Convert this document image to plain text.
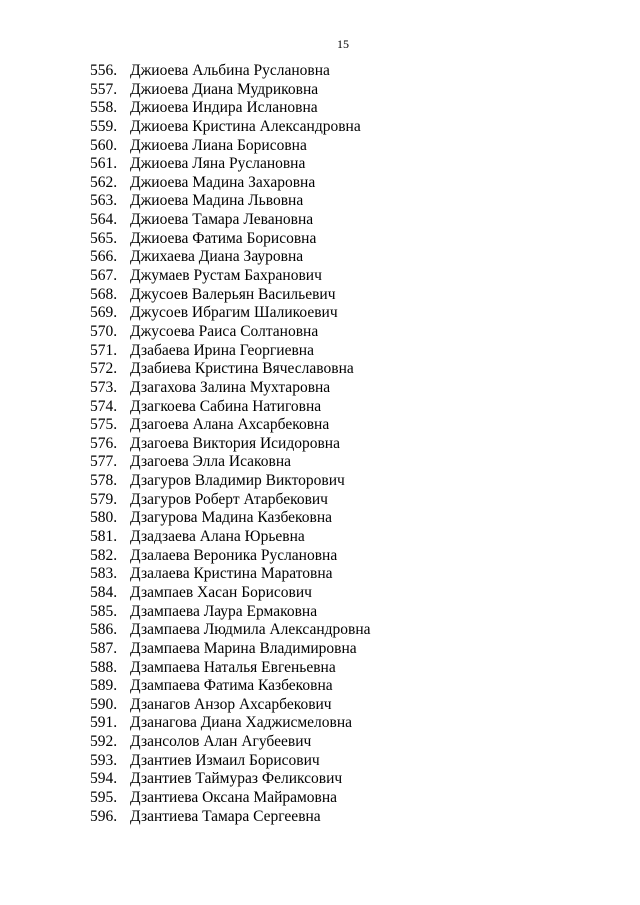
15
556. Джиоева Альбина Руслановна
557. Джиоева Диана Мудриковна
558. Джиоева Индира Ислановна
559. Джиоева Кристина Александровна
560. Джиоева Лиана Борисовна
561. Джиоева Ляна Руслановна
562. Джиоева Мадина Захаровна
563. Джиоева Мадина Львовна
564. Джиоева Тамара Левановна
565. Джиоева Фатима Борисовна
566. Джихаева Диана Зауровна
567. Джумаев Рустам Бахранович
568. Джусоев Валерьян Васильевич
569. Джусоев Ибрагим Шаликоевич
570. Джусоева Раиса Солтановна
571. Дзабаева Ирина Георгиевна
572. Дзабиева Кристина Вячеславовна
573. Дзагахова Залина Мухтаровна
574. Дзагкоева Сабина Натиговна
575. Дзагоева Алана Ахсарбековна
576. Дзагоева Виктория Исидоровна
577. Дзагоева Элла Исаковна
578. Дзагуров Владимир Викторович
579. Дзагуров Роберт Атарбекович
580. Дзагурова Мадина Казбековна
581. Дзадзаева Алана Юрьевна
582. Дзалаева Вероника Руслановна
583. Дзалаева Кристина Маратовна
584. Дзампаев Хасан Борисович
585. Дзампаева Лаура Ермаковна
586. Дзампаева Людмила Александровна
587. Дзампаева Марина Владимировна
588. Дзампаева Наталья Евгеньевна
589. Дзампаева Фатима Казбековна
590. Дзанагов Анзор Ахсарбекович
591. Дзанагова Диана Хаджисмеловна
592. Дзансолов Алан Агубеевич
593. Дзантиев Измаил Борисович
594. Дзантиев Таймураз Феликсович
595. Дзантиева Оксана Майрамовна
596. Дзантиева Тамара Сергеевна
